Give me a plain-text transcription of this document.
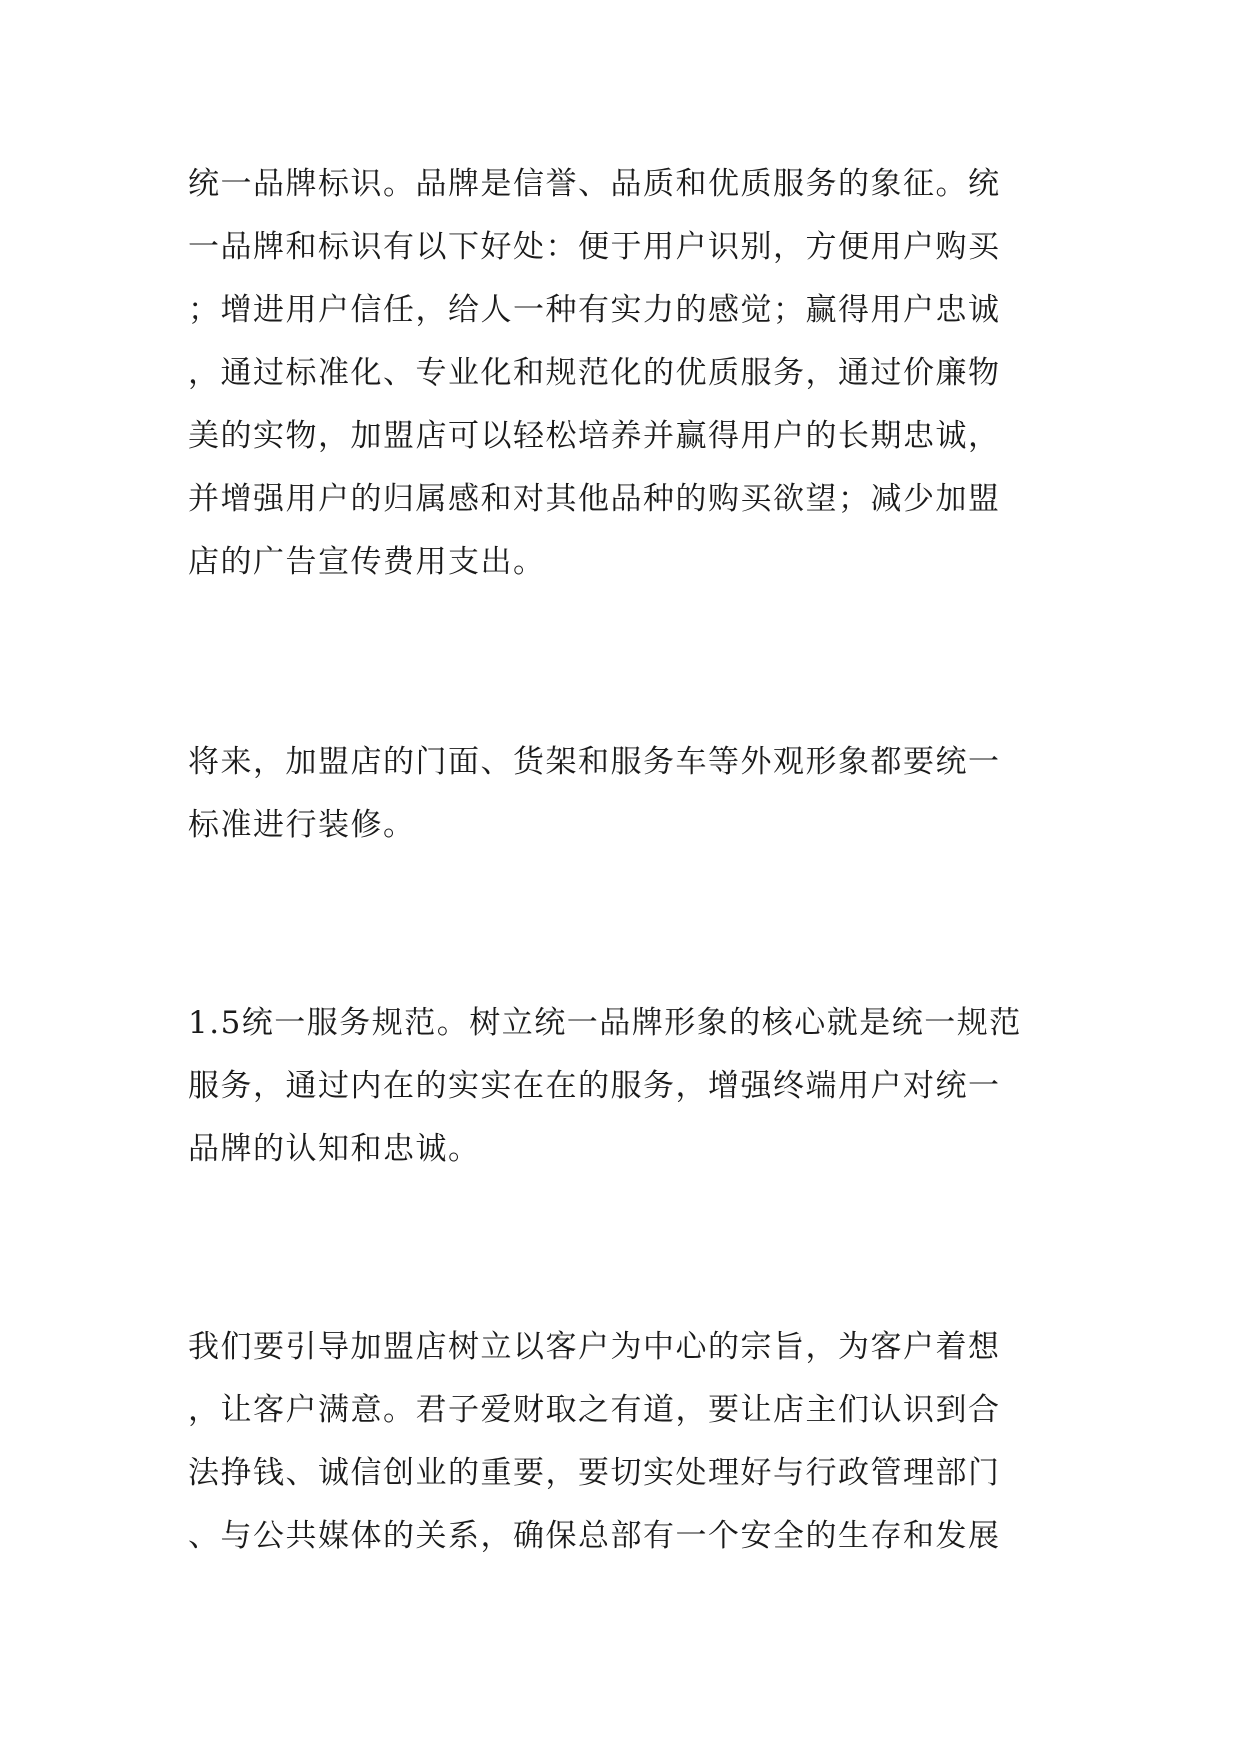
统一品牌标识。品牌是信誉、品质和优质服务的象征。统
一品牌和标识有以下好处：便于用户识别，方便用户购买
；增进用户信任，给人一种有实力的感觉；赢得用户忠诚
，通过标准化、专业化和规范化的优质服务，通过价廉物
美的实物，加盟店可以轻松培养并赢得用户的长期忠诚，
并增强用户的归属感和对其他品种的购买欲望；减少加盟
店的广告宣传费用支出。
将来，加盟店的门面、货架和服务车等外观形象都要统一
标准进行装修。
1.5统一服务规范。树立统一品牌形象的核心就是统一规范
服务，通过内在的实实在在的服务，增强终端用户对统一
品牌的认知和忠诚。
我们要引导加盟店树立以客户为中心的宗旨，为客户着想
，让客户满意。君子爱财取之有道，要让店主们认识到合
法挣钱、诚信创业的重要，要切实处理好与行政管理部门
、与公共媒体的关系，确保总部有一个安全的生存和发展
